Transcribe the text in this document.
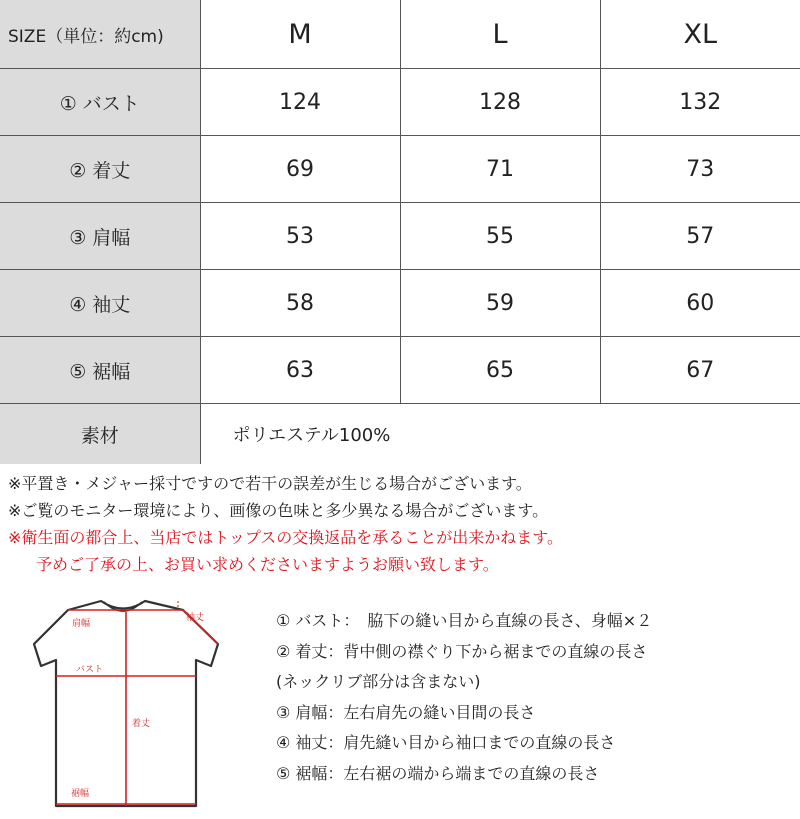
SIZE（単位：約cm)	M	L	XL
① バスト	124	128	132
② 着丈	69	71	73
③ 肩幅	53	55	57
④ 袖丈	58	59	60
⑤ 裾幅	63	65	67
素材	ポリエステル100%		
※平置き・メジャー採寸ですので若干の誤差が生じる場合がございます。
※ご覧のモニター環境により、画像の色味と多少異なる場合がございます。
※衛生面の都合上、当店ではトップスの交換返品を承ることが出来かねます。
予めご了承の上、お買い求めくださいますようお願い致します。
袖丈
肩幅
バスト
着丈
裾幅
① バスト：　脇下の縫い目から直線の長さ、身幅×２
② 着丈：背中側の襟ぐり下から裾までの直線の長さ
(ネックリブ部分は含まない)
③ 肩幅：左右肩先の縫い目間の長さ
④ 袖丈：肩先縫い目から袖口までの直線の長さ
⑤ 裾幅：左右裾の端から端までの直線の長さ
